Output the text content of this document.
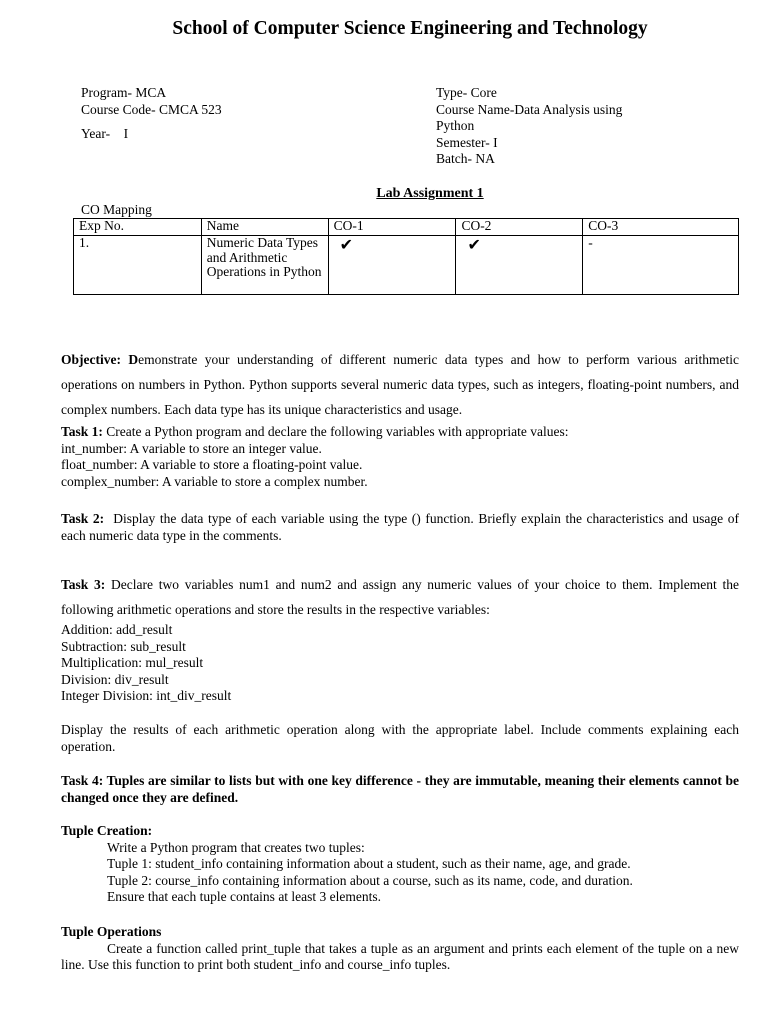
School of Computer Science Engineering and Technology
Program- MCA
Course Code- CMCA 523
Year-    I
Type- Core
Course Name-Data Analysis using
Python
Semester- I
Batch- NA
Lab Assignment 1
CO Mapping
Exp No.	Name	CO-1	CO-2	CO-3
1.	Numeric Data Types and Arithmetic Operations in Python	✔	✔	-
Objective: Demonstrate your understanding of different numeric data types and how to perform various arithmetic operations on numbers in Python. Python supports several numeric data types, such as integers, floating-point numbers, and complex numbers. Each data type has its unique characteristics and usage.
Task 1: Create a Python program and declare the following variables with appropriate values:
int_number: A variable to store an integer value.
float_number: A variable to store a floating-point value.
complex_number: A variable to store a complex number.
Task 2:  Display the data type of each variable using the type () function. Briefly explain the characteristics and usage of each numeric data type in the comments.
Task 3: Declare two variables num1 and num2 and assign any numeric values of your choice to them. Implement the following arithmetic operations and store the results in the respective variables:
Addition: add_result
Subtraction: sub_result
Multiplication: mul_result
Division: div_result
Integer Division: int_div_result
Display the results of each arithmetic operation along with the appropriate label. Include comments explaining each operation.
Task 4: Tuples are similar to lists but with one key difference - they are immutable, meaning their elements cannot be changed once they are defined.
Tuple Creation:
Write a Python program that creates two tuples:
Tuple 1: student_info containing information about a student, such as their name, age, and grade.
Tuple 2: course_info containing information about a course, such as its name, code, and duration.
Ensure that each tuple contains at least 3 elements.
Tuple Operations
Create a function called print_tuple that takes a tuple as an argument and prints each element of the tuple on a new line. Use this function to print both student_info and course_info tuples.
